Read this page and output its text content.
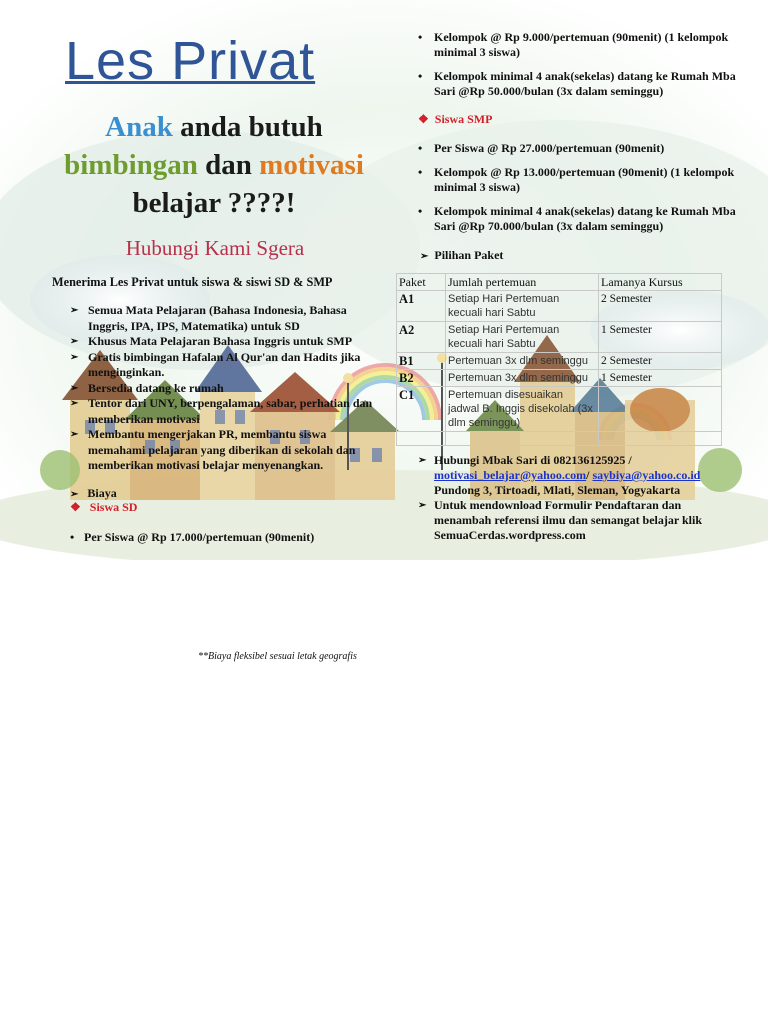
Les Privat
Anak anda butuh
bimbingan dan motivasi
belajar ????!
Hubungi Kami Sgera
Menerima Les Privat untuk siswa & siswi SD & SMP
➢ Semua Mata Pelajaran (Bahasa Indonesia, Bahasa Inggris, IPA, IPS, Matematika) untuk SD
➢ Khusus Mata Pelajaran Bahasa Inggris untuk SMP
➢ Gratis bimbingan Hafalan Al Qur'an dan Hadits jika menginginkan.
➢ Bersedia datang ke rumah
➢ Tentor dari UNY, berpengalaman, sabar, perhatian dan memberikan motivasi
➢ Membantu mengerjakan PR, membantu siswa memahami pelajaran yang diberikan di sekolah dan memberikan motivasi belajar menyenangkan.
➢ Biaya
❖ Siswa SD
• Per Siswa @ Rp 17.000/pertemuan (90menit)
• Kelompok @ Rp 9.000/pertemuan (90menit) (1 kelompok minimal 3 siswa)
• Kelompok minimal 4 anak(sekelas) datang ke Rumah Mba Sari @Rp 50.000/bulan (3x dalam seminggu)
❖ Siswa SMP
• Per Siswa @ Rp 27.000/pertemuan (90menit)
• Kelompok @ Rp 13.000/pertemuan (90menit) (1 kelompok minimal 3 siswa)
• Kelompok minimal 4 anak(sekelas) datang ke Rumah Mba Sari @Rp 70.000/bulan (3x dalam seminggu)
➢ Pilihan Paket
Paket	Jumlah pertemuan	Lamanya Kursus
A1	Setiap Hari Pertemuan kecuali hari Sabtu	2 Semester
A2	Setiap Hari Pertemuan kecuali hari Sabtu	1 Semester
B1	Pertemuan 3x dlm seminggu	2 Semester
B2	Pertemuan 3x dlm seminggu	1 Semester
C1	Pertemuan disesuaikan jadwal B. Inggis disekolah (3x dlm seminggu)	

➢ Hubungi Mbak Sari di 082136125925 / motivasi_belajar@yahoo.com/ saybiya@yahoo.co.id
Pundong 3, Tirtoadi, Mlati, Sleman, Yogyakarta
➢ Untuk mendownload Formulir Pendaftaran dan menambah referensi ilmu dan semangat belajar klik SemuaCerdas.wordpress.com
**Biaya fleksibel sesuai letak geografis
